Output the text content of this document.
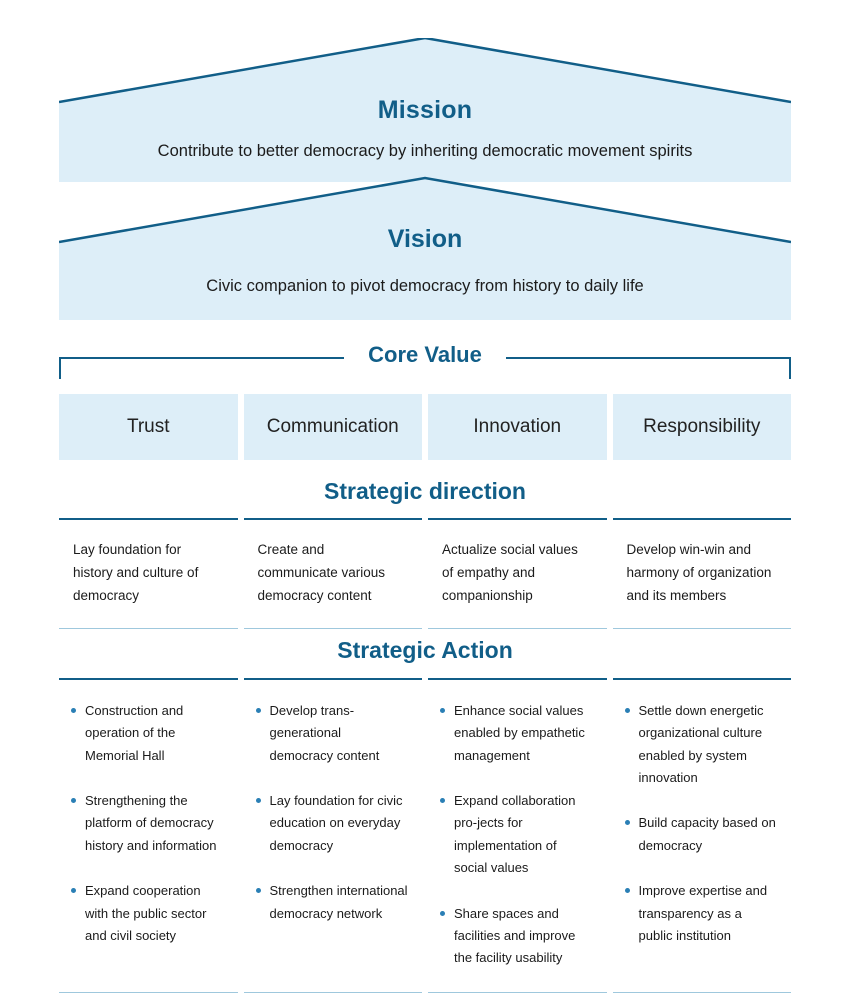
Mission
Contribute to better democracy by inheriting democratic movement spirits
Vision
Civic companion to pivot democracy from history to daily life
Core Value
Trust	Communication	Innovation	Responsibility
Strategic direction

Lay foundation for history and culture of democracy

Create and communicate various democracy content

Actualize social values of empathy and companionship

Develop win-win and harmony of organization and its members

Strategic Action
Construction and operation of the Memorial Hall
Strengthening the platform of democracy history and information
Expand cooperation with the public sector and civil society
Develop trans-generational democracy content
Lay foundation for civic education on everyday democracy
Strengthen international democracy network
Enhance social values enabled by empathetic management
Expand collaboration pro-jects for implementation of social values
Share spaces and facilities and improve the facility usability
Settle down energetic organizational culture enabled by system innovation
Build capacity based on democracy
Improve expertise and transparency as a public institution
